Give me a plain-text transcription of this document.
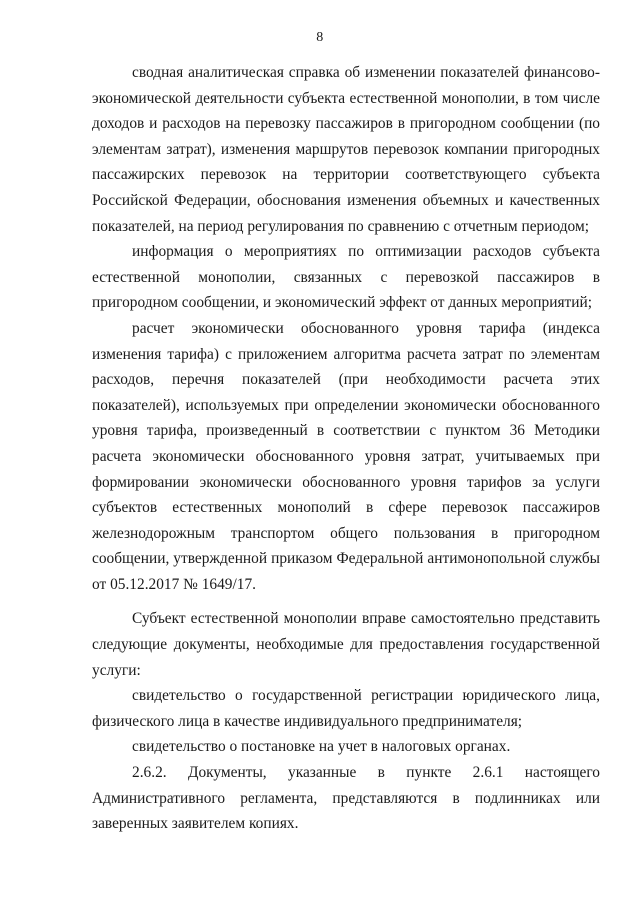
8

сводная аналитическая справка об изменении показателей финансово-экономической деятельности субъекта естественной монополии, в том числе доходов и расходов на перевозку пассажиров в пригородном сообщении (по элементам затрат), изменения маршрутов перевозок компании пригородных пассажирских перевозок на территории соответствующего субъекта Российской Федерации, обоснования изменения объемных и качественных показателей, на период регулирования по сравнению с отчетным периодом;

информация о мероприятиях по оптимизации расходов субъекта естественной монополии, связанных с перевозкой пассажиров в пригородном сообщении, и экономический эффект от данных мероприятий;

расчет экономически обоснованного уровня тарифа (индекса изменения тарифа) с приложением алгоритма расчета затрат по элементам расходов, перечня показателей (при необходимости расчета этих показателей), используемых при определении экономически обоснованного уровня тарифа, произведенный в соответствии с пунктом 36 Методики расчета экономически обоснованного уровня затрат, учитываемых при формировании экономически обоснованного уровня тарифов за услуги субъектов естественных монополий в сфере перевозок пассажиров железнодорожным транспортом общего пользования в пригородном сообщении, утвержденной приказом Федеральной антимонопольной службы от 05.12.2017 № 1649/17.

Субъект естественной монополии вправе самостоятельно представить следующие документы, необходимые для предоставления государственной услуги:

свидетельство о государственной регистрации юридического лица, физического лица в качестве индивидуального предпринимателя;

свидетельство о постановке на учет в налоговых органах.

2.6.2. Документы, указанные в пункте 2.6.1 настоящего Административного регламента, представляются в подлинниках или заверенных заявителем копиях.
